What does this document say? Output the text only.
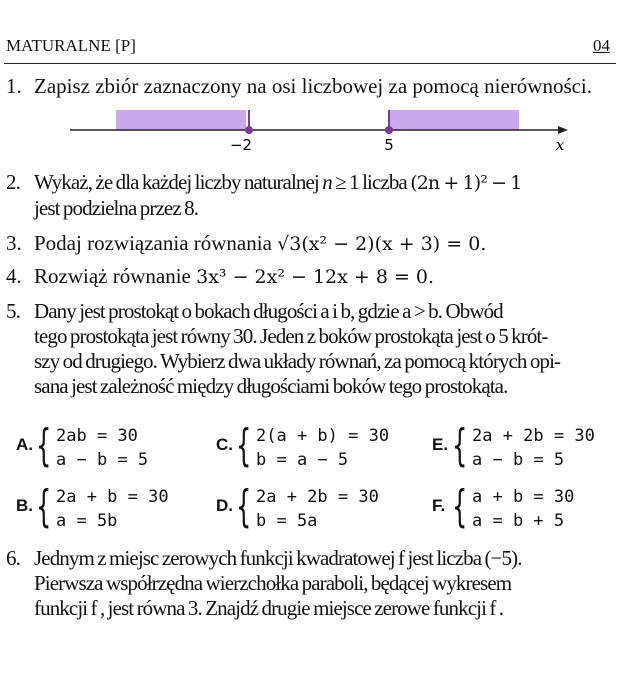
MATURALNE [P]	04
1. Zapisz zbiór zaznaczony na osi liczbowej za pomocą nierówności.
−2	5	x
2. Wykaż, że dla każdej liczby naturalnej n ≥ 1 liczba (2n + 1)² − 1
jest podzielna przez 8.
3. Podaj rozwiązania równania √3(x² − 2)(x + 3) = 0.
4. Rozwiąż równanie 3x³ − 2x² − 12x + 8 = 0.
5. Dany jest prostokąt o bokach długości a i b, gdzie a > b. Obwód
tego prostokąta jest równy 30. Jeden z boków prostokąta jest o 5 krót-
szy od drugiego. Wybierz dwa układy równań, za pomocą których opi-
sana jest zależność między długościami boków tego prostokąta.
A. { 2ab = 30
a − b = 5
C. { 2(a + b) = 30
b = a − 5
E. { 2a + 2b = 30
a − b = 5
B. { 2a + b = 30
a = 5b
D. { 2a + 2b = 30
b = 5a
F. { a + b = 30
a = b + 5
6. Jednym z miejsc zerowych funkcji kwadratowej f jest liczba (−5).
Pierwsza współrzędna wierzchołka paraboli, będącej wykresem
funkcji f , jest równa 3. Znajdź drugie miejsce zerowe funkcji f .
